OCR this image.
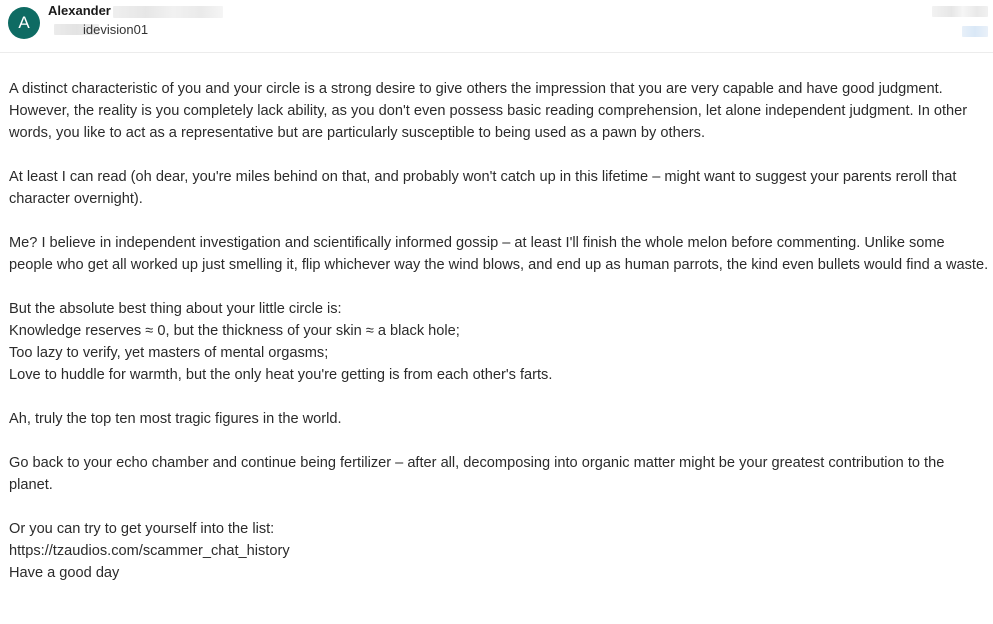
A
Alexander
idevision01

A distinct characteristic of you and your circle is a strong desire to give others the impression that you are very capable and have good judgment. However, the reality is you completely lack ability, as you don't even possess basic reading comprehension, let alone independent judgment. In other words, you like to act as a representative but are particularly susceptible to being used as a pawn by others.

At least I can read (oh dear, you're miles behind on that, and probably won't catch up in this lifetime – might want to suggest your parents reroll that character overnight).

Me? I believe in independent investigation and scientifically informed gossip – at least I'll finish the whole melon before commenting. Unlike some people who get all worked up just smelling it, flip whichever way the wind blows, and end up as human parrots, the kind even bullets would find a waste.

But the absolute best thing about your little circle is:
Knowledge reserves ≈ 0, but the thickness of your skin ≈ a black hole;
Too lazy to verify, yet masters of mental orgasms;
Love to huddle for warmth, but the only heat you're getting is from each other's farts.

Ah, truly the top ten most tragic figures in the world.

Go back to your echo chamber and continue being fertilizer – after all, decomposing into organic matter might be your greatest contribution to the planet.

Or you can try to get yourself into the list:
https://tzaudios.com/scammer_chat_history
Have a good day
